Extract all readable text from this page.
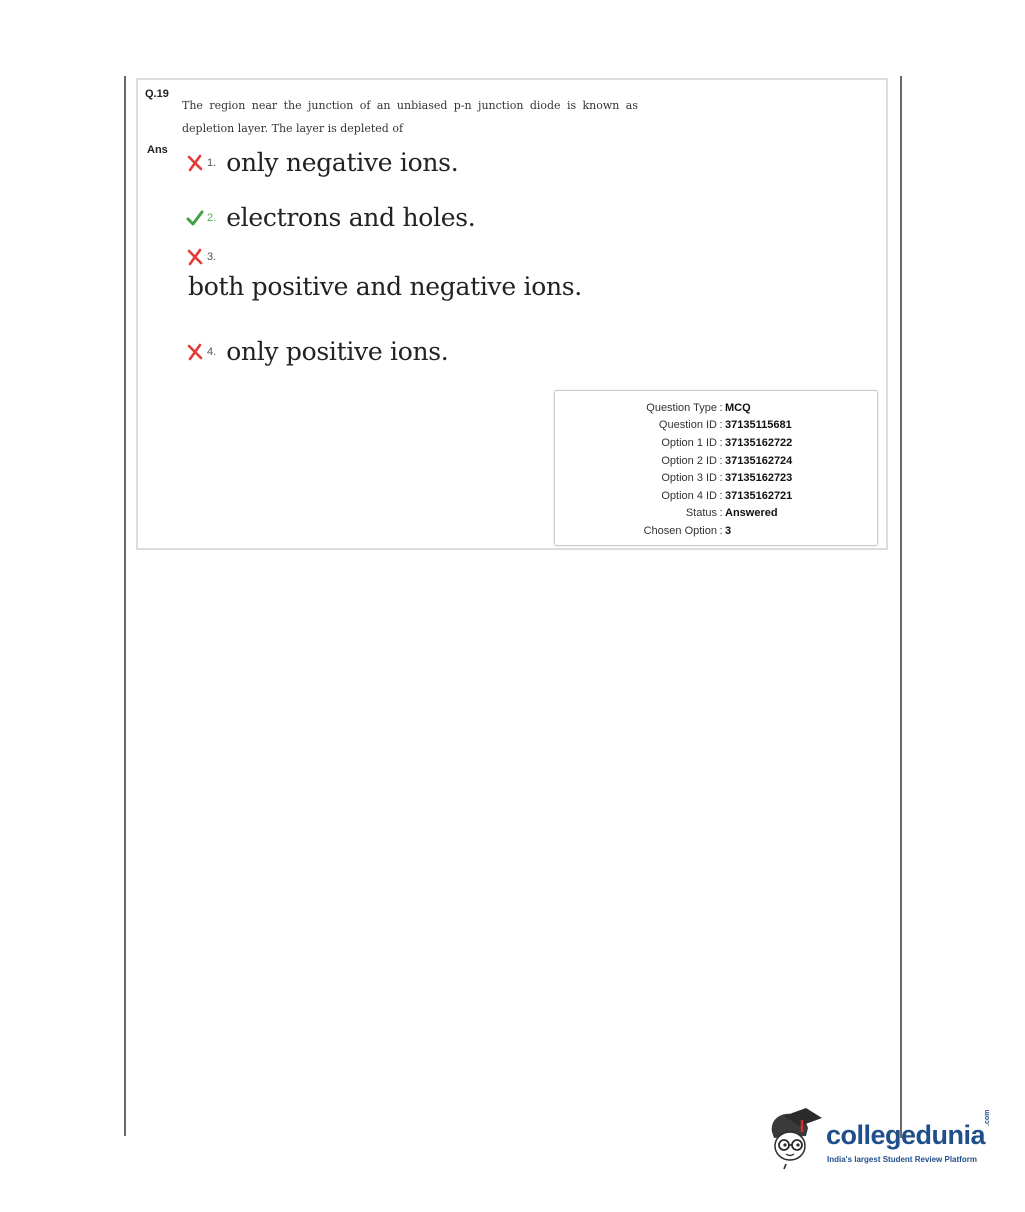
Q.19
The region near the junction of an unbiased p-n junction diode is known as depletion layer. The layer is depleted of
Ans
1. only negative ions.
2. electrons and holes.
3.
both positive and negative ions.
4. only positive ions.
Question Type : MCQ
Question ID : 37135115681
Option 1 ID : 37135162722
Option 2 ID : 37135162724
Option 3 ID : 37135162723
Option 4 ID : 37135162721
Status : Answered
Chosen Option : 3
collegedunia
.com
India's largest Student Review Platform
